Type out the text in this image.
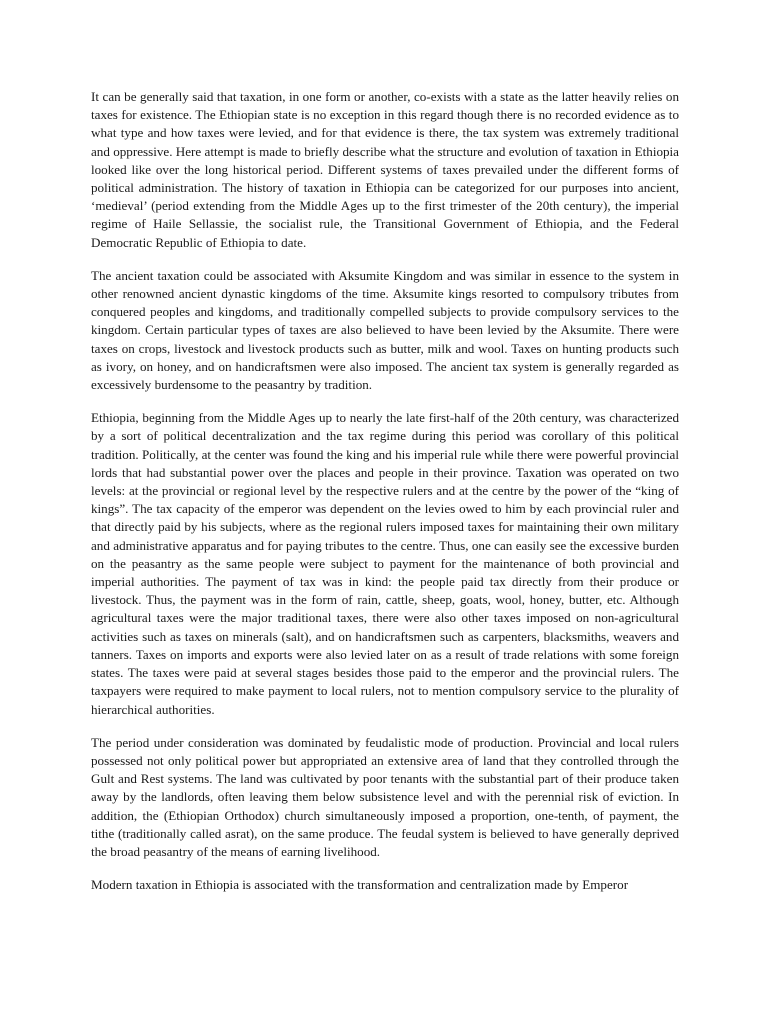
It can be generally said that taxation, in one form or another, co-exists with a state as the latter heavily relies on taxes for existence. The Ethiopian state is no exception in this regard though there is no recorded evidence as to what type and how taxes were levied, and for that evidence is there, the tax system was extremely traditional and oppressive. Here attempt is made to briefly describe what the structure and evolution of taxation in Ethiopia looked like over the long historical period. Different systems of taxes prevailed under the different forms of political administration. The history of taxation in Ethiopia can be categorized for our purposes into ancient, ‘medieval’ (period extending from the Middle Ages up to the first trimester of the 20th century), the imperial regime of Haile Sellassie, the socialist rule, the Transitional Government of Ethiopia, and the Federal Democratic Republic of Ethiopia to date.

The ancient taxation could be associated with Aksumite Kingdom and was similar in essence to the system in other renowned ancient dynastic kingdoms of the time. Aksumite kings resorted to compulsory tributes from conquered peoples and kingdoms, and traditionally compelled subjects to provide compulsory services to the kingdom. Certain particular types of taxes are also believed to have been levied by the Aksumite. There were taxes on crops, livestock and livestock products such as butter, milk and wool. Taxes on hunting products such as ivory, on honey, and on handicraftsmen were also imposed. The ancient tax system is generally regarded as excessively burdensome to the peasantry by tradition.

Ethiopia, beginning from the Middle Ages up to nearly the late first-half of the 20th century, was characterized by a sort of political decentralization and the tax regime during this period was corollary of this political tradition. Politically, at the center was found the king and his imperial rule while there were powerful provincial lords that had substantial power over the places and people in their province. Taxation was operated on two levels: at the provincial or regional level by the respective rulers and at the centre by the power of the “king of kings”. The tax capacity of the emperor was dependent on the levies owed to him by each provincial ruler and that directly paid by his subjects, where as the regional rulers imposed taxes for maintaining their own military and administrative apparatus and for paying tributes to the centre. Thus, one can easily see the excessive burden on the peasantry as the same people were subject to payment for the maintenance of both provincial and imperial authorities. The payment of tax was in kind: the people paid tax directly from their produce or livestock. Thus, the payment was in the form of rain, cattle, sheep, goats, wool, honey, butter, etc. Although agricultural taxes were the major traditional taxes, there were also other taxes imposed on non-agricultural activities such as taxes on minerals (salt), and on handicraftsmen such as carpenters, blacksmiths, weavers and tanners. Taxes on imports and exports were also levied later on as a result of trade relations with some foreign states. The taxes were paid at several stages besides those paid to the emperor and the provincial rulers. The taxpayers were required to make payment to local rulers, not to mention compulsory service to the plurality of hierarchical authorities.

The period under consideration was dominated by feudalistic mode of production. Provincial and local rulers possessed not only political power but appropriated an extensive area of land that they controlled through the Gult and Rest systems. The land was cultivated by poor tenants with the substantial part of their produce taken away by the landlords, often leaving them below subsistence level and with the perennial risk of eviction. In addition, the (Ethiopian Orthodox) church simultaneously imposed a proportion, one-tenth, of payment, the tithe (traditionally called asrat), on the same produce. The feudal system is believed to have generally deprived the broad peasantry of the means of earning livelihood.

Modern taxation in Ethiopia is associated with the transformation and centralization made by Emperor
